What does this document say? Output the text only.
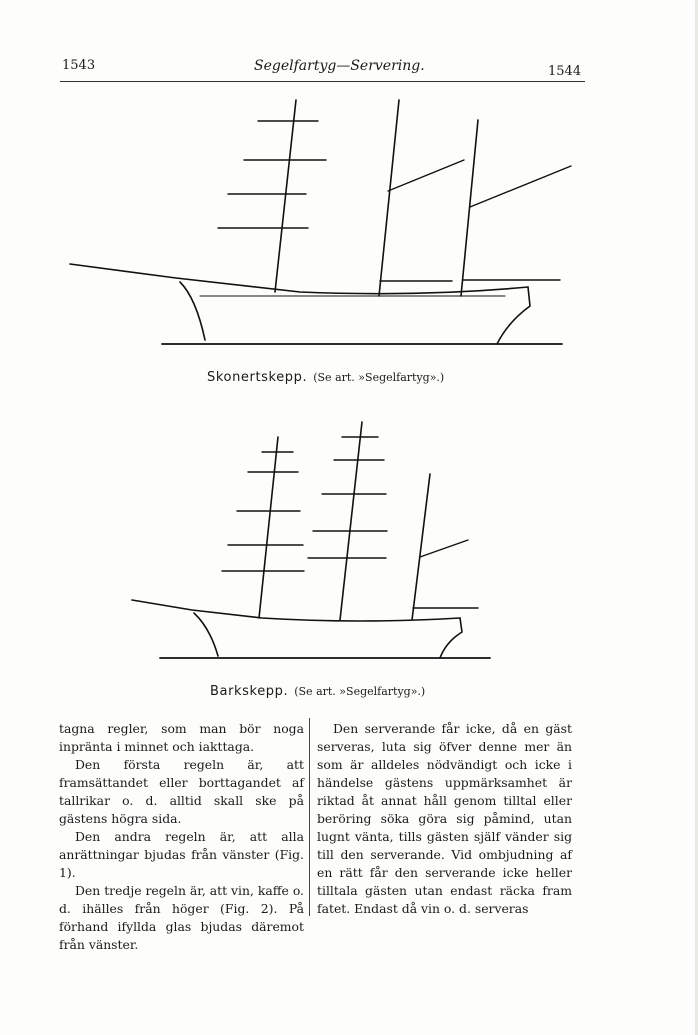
1543	Segelfartyg—Servering.	1544
Skonertskepp. (Se art. »Segelfartyg».)
Barkskepp. (Se art. »Segelfartyg».)

tagna regler, som man bör noga inpränta i minnet och iakttaga.

Den första regeln är, att framsättandet eller borttagandet af tallrikar o. d. alltid skall ske på gästens högra sida.

Den andra regeln är, att alla anrättningar bjudas från vänster (Fig. 1).

Den tredje regeln är, att vin, kaffe o. d. ihälles från höger (Fig. 2). På förhand ifyllda glas bjudas däremot från vänster.

Den serverande får icke, då en gäst serveras, luta sig öfver denne mer än som är alldeles nödvändigt och icke i händelse gästens uppmärksamhet är riktad åt annat håll genom tilltal eller beröring söka göra sig påmind, utan lugnt vänta, tills gästen själf vänder sig till den serverande. Vid ombjudning af en rätt får den serverande icke heller tilltala gästen utan endast räcka fram fatet. Endast då vin o. d. serveras
